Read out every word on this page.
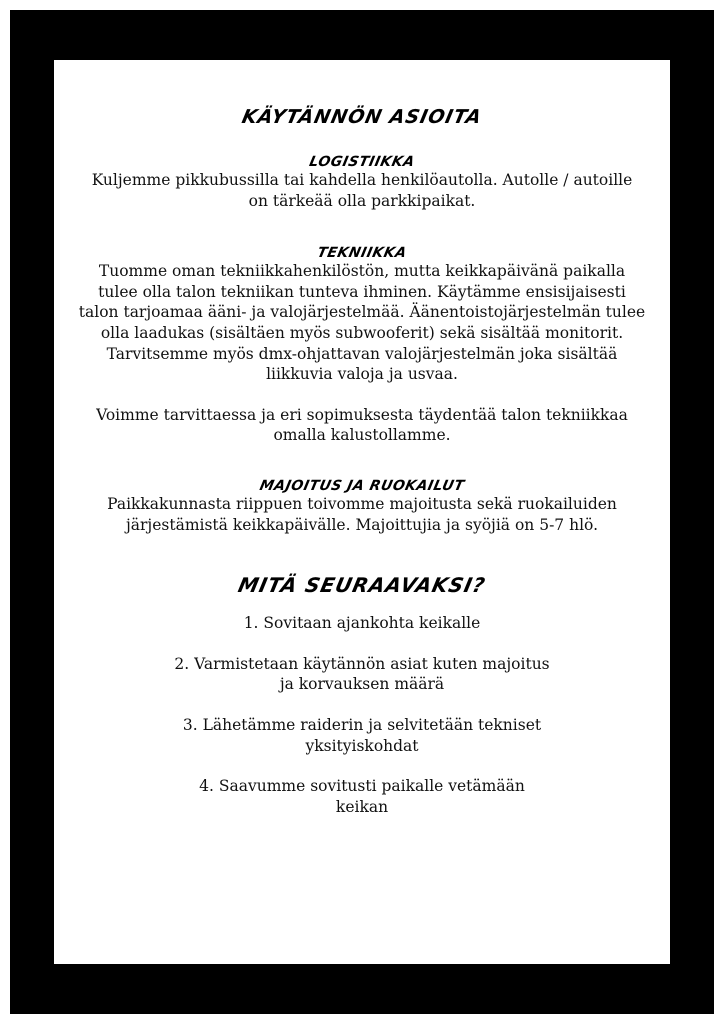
KÄYTÄNNÖN ASIOITA
LOGISTIIKKA

Kuljemme pikkubussilla tai kahdella henkilöautolla. Autolle / autoille on tärkeää olla parkkipaikat.

TEKNIIKKA

Tuomme oman tekniikkahenkilöstön, mutta keikkapäivänä paikalla tulee olla talon tekniikan tunteva ihminen. Käytämme ensisijaisesti talon tarjoamaa ääni- ja valojärjestelmää. Äänentoistojärjestelmän tulee olla laadukas (sisältäen myös subwooferit) sekä sisältää monitorit. Tarvitsemme myös dmx-ohjattavan valojärjestelmän joka sisältää liikkuvia valoja ja usvaa.

Voimme tarvittaessa ja eri sopimuksesta täydentää talon tekniikkaa omalla kalustollamme.

MAJOITUS JA RUOKAILUT

Paikkakunnasta riippuen toivomme majoitusta sekä ruokailuiden järjestämistä keikkapäivälle. Majoittujia ja syöjiä on 5-7 hlö.

MITÄ SEURAAVAKSI?
1. Sovitaan ajankohta keikalle
2. Varmistetaan käytännön asiat kuten majoitus ja korvauksen määrä
3. Lähetämme raiderin ja selvitetään tekniset yksityiskohdat
4. Saavumme sovitusti paikalle vetämään keikan
